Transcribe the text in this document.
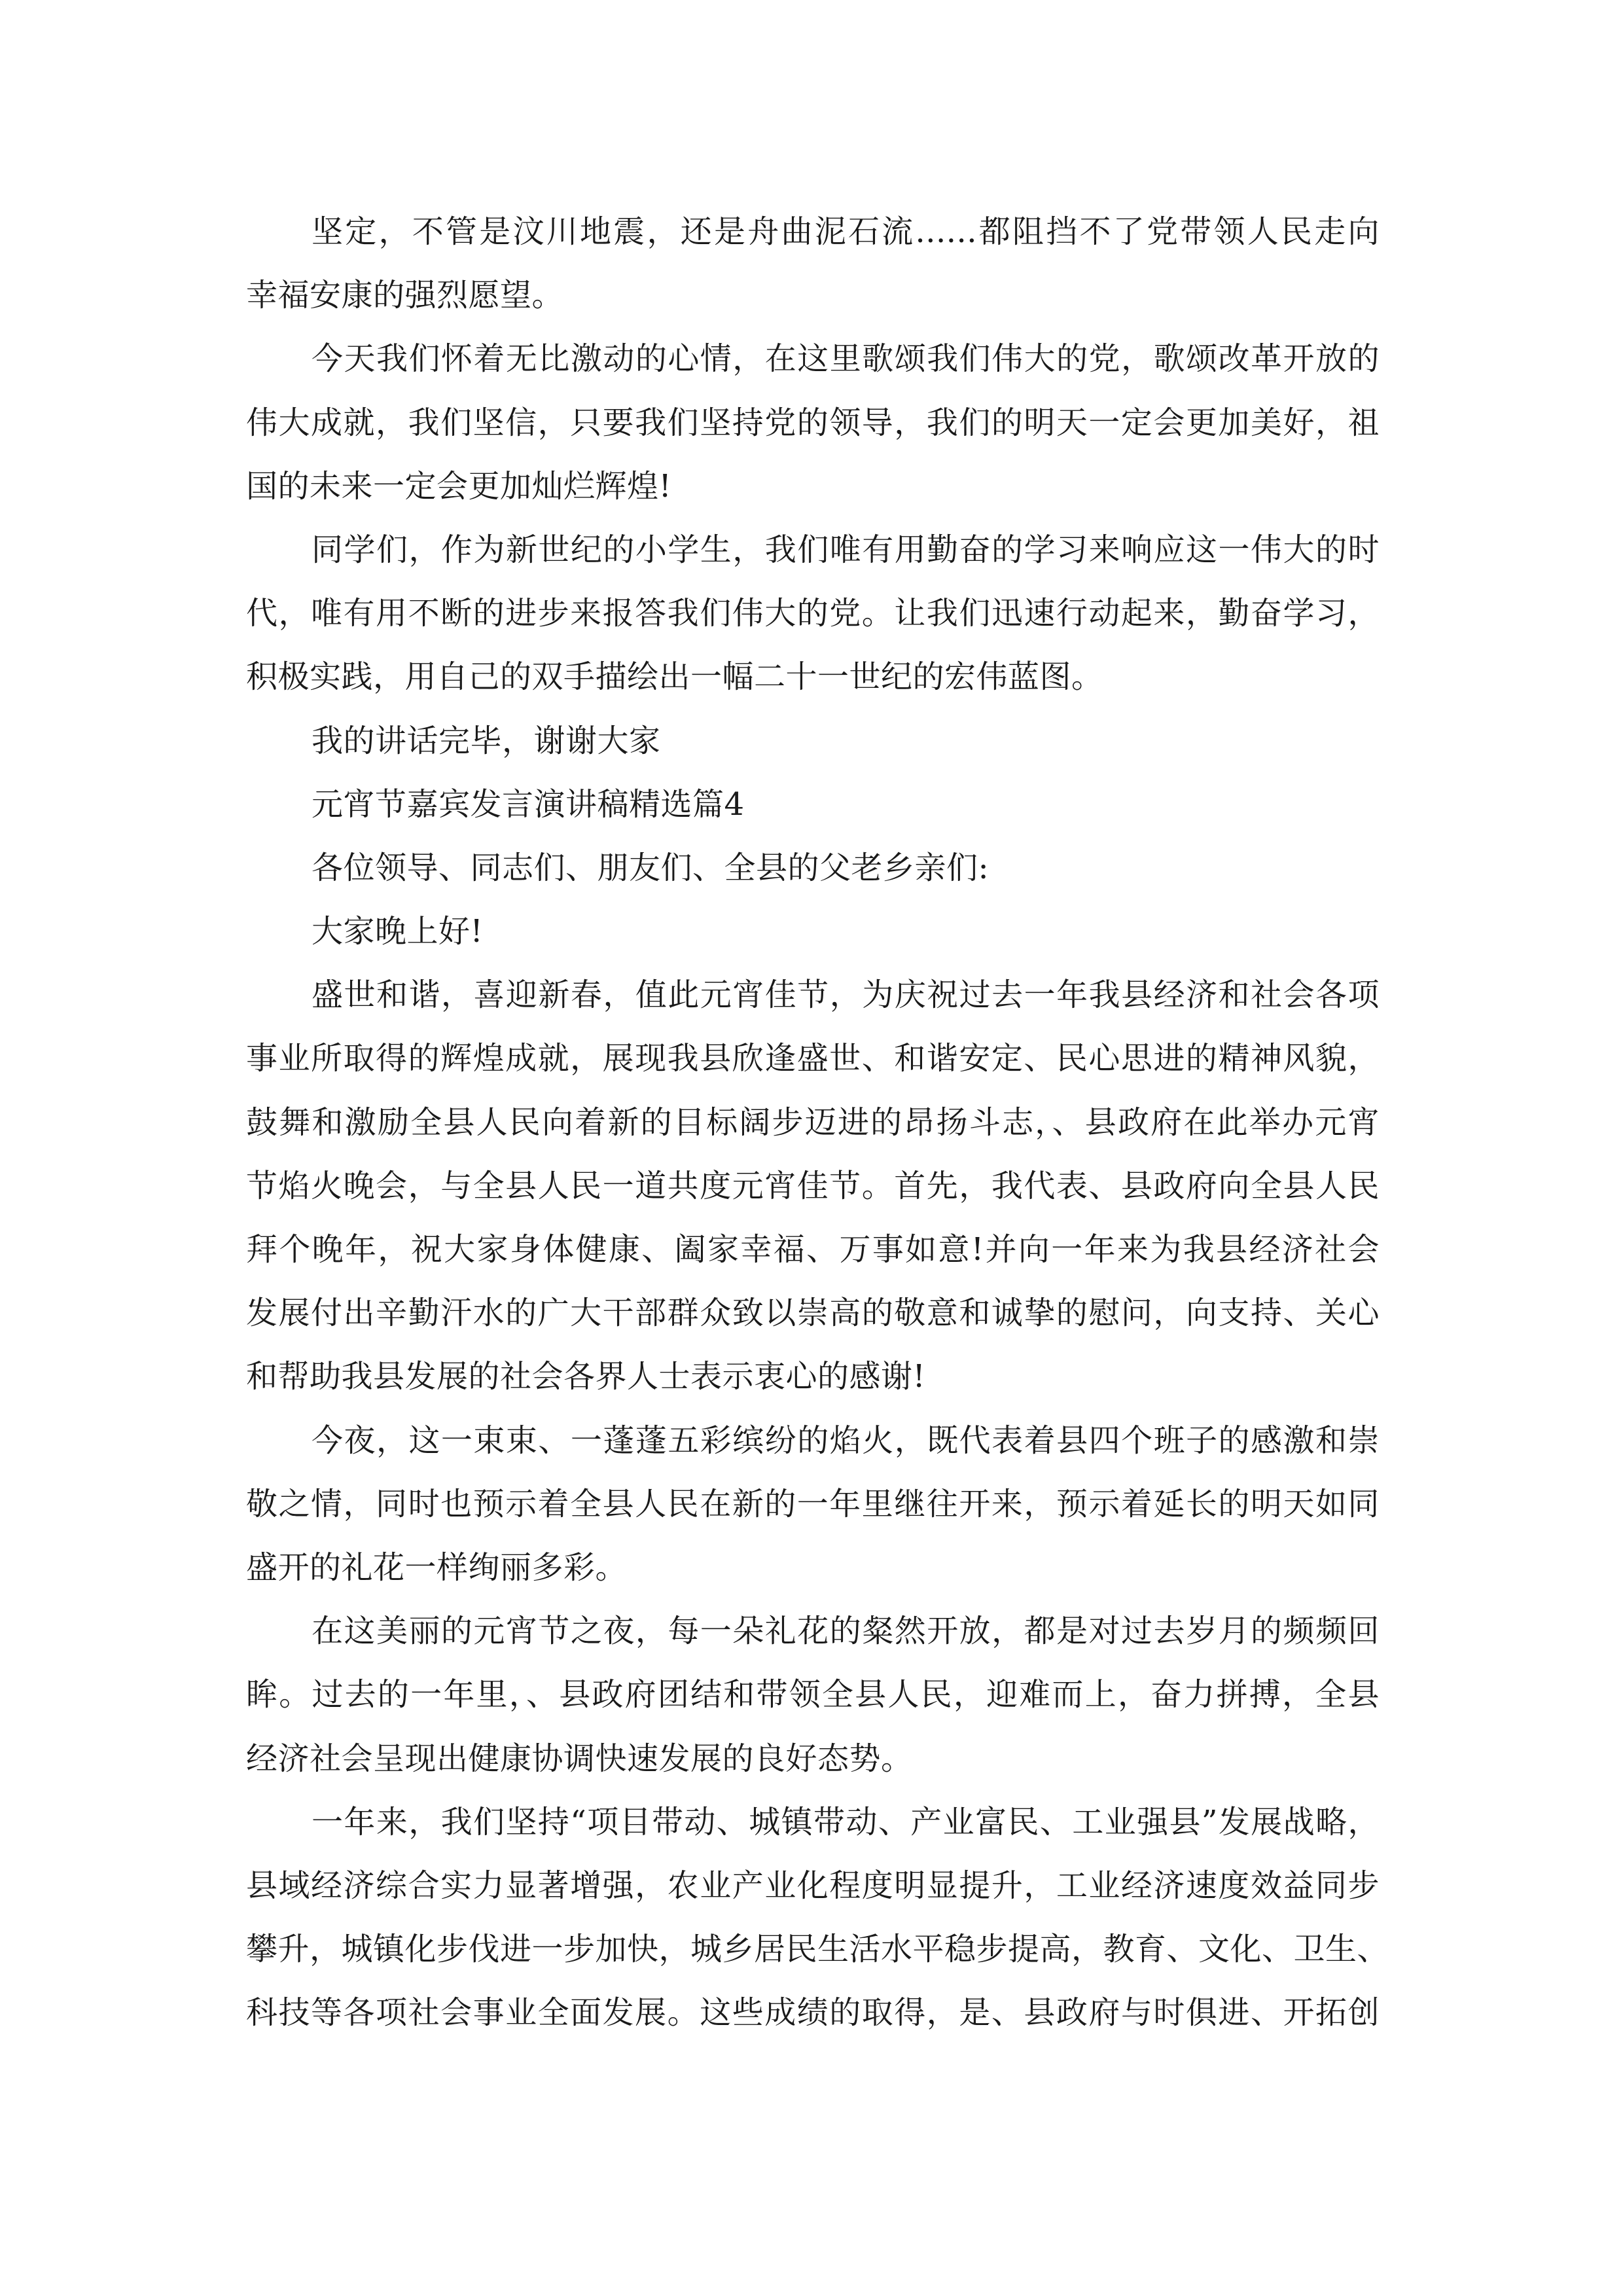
坚定，不管是汶川地震，还是舟曲泥石流......都阻挡不了党带领人民走向
幸福安康的强烈愿望。
今天我们怀着无比激动的心情，在这里歌颂我们伟大的党，歌颂改革开放的
伟大成就，我们坚信，只要我们坚持党的领导，我们的明天一定会更加美好，祖
国的未来一定会更加灿烂辉煌!
同学们，作为新世纪的小学生，我们唯有用勤奋的学习来响应这一伟大的时
代，唯有用不断的进步来报答我们伟大的党。让我们迅速行动起来，勤奋学习，
积极实践，用自己的双手描绘出一幅二十一世纪的宏伟蓝图。
我的讲话完毕，谢谢大家
元宵节嘉宾发言演讲稿精选篇4
各位领导、同志们、朋友们、全县的父老乡亲们:
大家晚上好!
盛世和谐，喜迎新春，值此元宵佳节，为庆祝过去一年我县经济和社会各项
事业所取得的辉煌成就，展现我县欣逢盛世、和谐安定、民心思进的精神风貌，
鼓舞和激励全县人民向着新的目标阔步迈进的昂扬斗志，、县政府在此举办元宵
节焰火晚会，与全县人民一道共度元宵佳节。首先，我代表、县政府向全县人民
拜个晚年，祝大家身体健康、阖家幸福、万事如意!并向一年来为我县经济社会
发展付出辛勤汗水的广大干部群众致以崇高的敬意和诚挚的慰问，向支持、关心
和帮助我县发展的社会各界人士表示衷心的感谢!
今夜，这一束束、一蓬蓬五彩缤纷的焰火，既代表着县四个班子的感激和崇
敬之情，同时也预示着全县人民在新的一年里继往开来，预示着延长的明天如同
盛开的礼花一样绚丽多彩。
在这美丽的元宵节之夜，每一朵礼花的粲然开放，都是对过去岁月的频频回
眸。过去的一年里，、县政府团结和带领全县人民，迎难而上，奋力拼搏，全县
经济社会呈现出健康协调快速发展的良好态势。
一年来，我们坚持“项目带动、城镇带动、产业富民、工业强县”发展战略，
县域经济综合实力显著增强，农业产业化程度明显提升，工业经济速度效益同步
攀升，城镇化步伐进一步加快，城乡居民生活水平稳步提高，教育、文化、卫生、
科技等各项社会事业全面发展。这些成绩的取得，是、县政府与时俱进、开拓创
